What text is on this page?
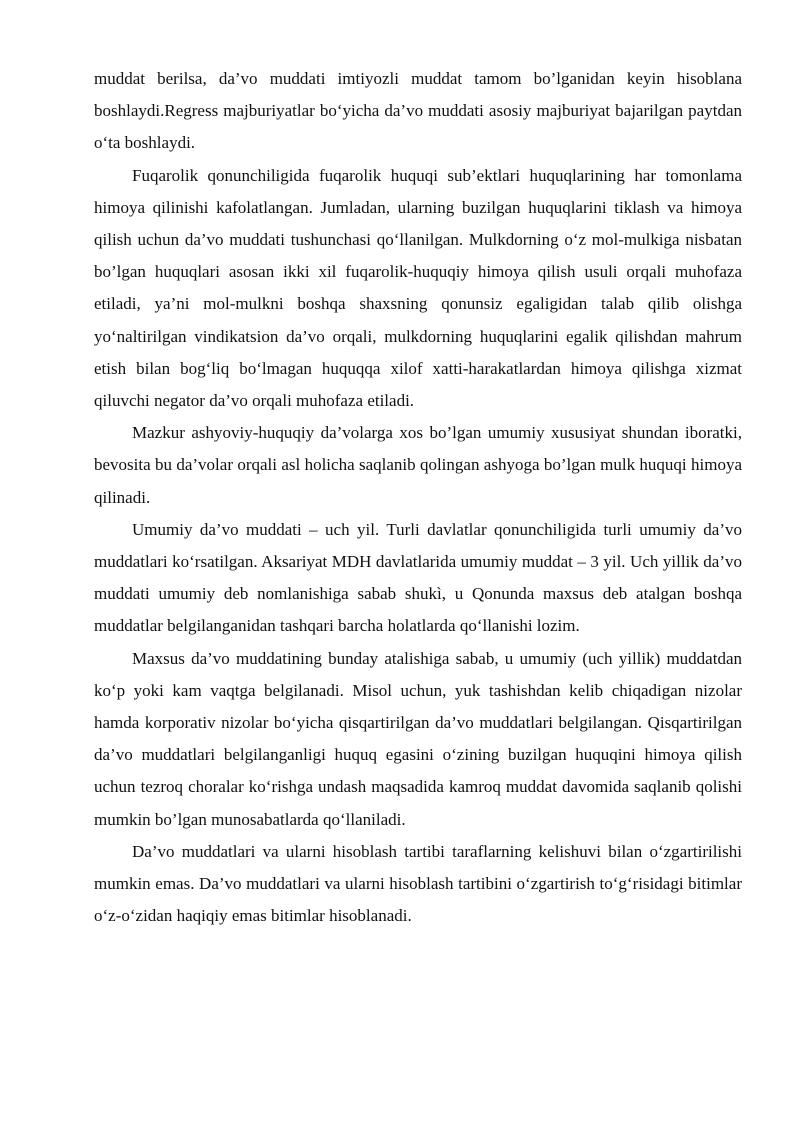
muddat berilsa, da’vo muddati imtiyozli muddat tamom bo’lganidan keyin hisoblana boshlaydi.Regress majburiyatlar bo‘yicha da’vo muddati asosiy majburiyat bajarilgan paytdan o‘ta boshlaydi.

Fuqarolik qonunchiligida fuqarolik huquqi sub’ektlari huquqlarining har tomonlama himoya qilinishi kafolatlangan. Jumladan, ularning buzilgan huquqlarini tiklash va himoya qilish uchun da’vo muddati tushunchasi qo‘llanilgan. Mulkdorning o‘z mol-mulkiga nisbatan bo’lgan huquqlari asosan ikki xil fuqarolik-huquqiy himoya qilish usuli orqali muhofaza etiladi, ya’ni mol-mulkni boshqa shaxsning qonunsiz egaligidan talab qilib olishga yo‘naltirilgan vindikatsion da’vo orqali, mulkdorning huquqlarini egalik qilishdan mahrum etish bilan bog‘liq bo‘lmagan huquqqa xilof xatti-harakatlardan himoya qilishga xizmat qiluvchi negator da’vo orqali muhofaza etiladi.

Mazkur ashyoviy-huquqiy da’volarga xos bo’lgan umumiy xususiyat shundan iboratki, bevosita bu da’volar orqali asl holicha saqlanib qolingan ashyoga bo’lgan mulk huquqi himoya qilinadi.

Umumiy da’vo muddati – uch yil. Turli davlatlar qonunchiligida turli umumiy da’vo muddatlari ko‘rsatilgan. Aksariyat MDH davlatlarida umumiy muddat – 3 yil. Uch yillik da’vo muddati umumiy deb nomlanishiga sabab shukì, u Qonunda maxsus deb atalgan boshqa muddatlar belgilanganidan tashqari barcha holatlarda qo‘llanishi lozim.

Maxsus da’vo muddatining bunday atalishiga sabab, u umumiy (uch yillik) muddatdan ko‘p yoki kam vaqtga belgilanadi. Misol uchun, yuk tashishdan kelib chiqadigan nizolar hamda korporativ nizolar bo‘yicha qisqartirilgan da’vo muddatlari belgilangan. Qisqartirilgan da’vo muddatlari belgilanganligi huquq egasini o‘zining buzilgan huquqini himoya qilish uchun tezroq choralar ko‘rishga undash maqsadida kamroq muddat davomida saqlanib qolishi mumkin bo’lgan munosabatlarda qo‘llaniladi.

Da’vo muddatlari va ularni hisoblash tartibi taraflarning kelishuvi bilan o‘zgartirilishi mumkin emas. Da’vo muddatlari va ularni hisoblash tartibini o‘zgartirish to‘g‘risidagi bitimlar o‘z-o‘zidan haqiqiy emas bitimlar hisoblanadi.
